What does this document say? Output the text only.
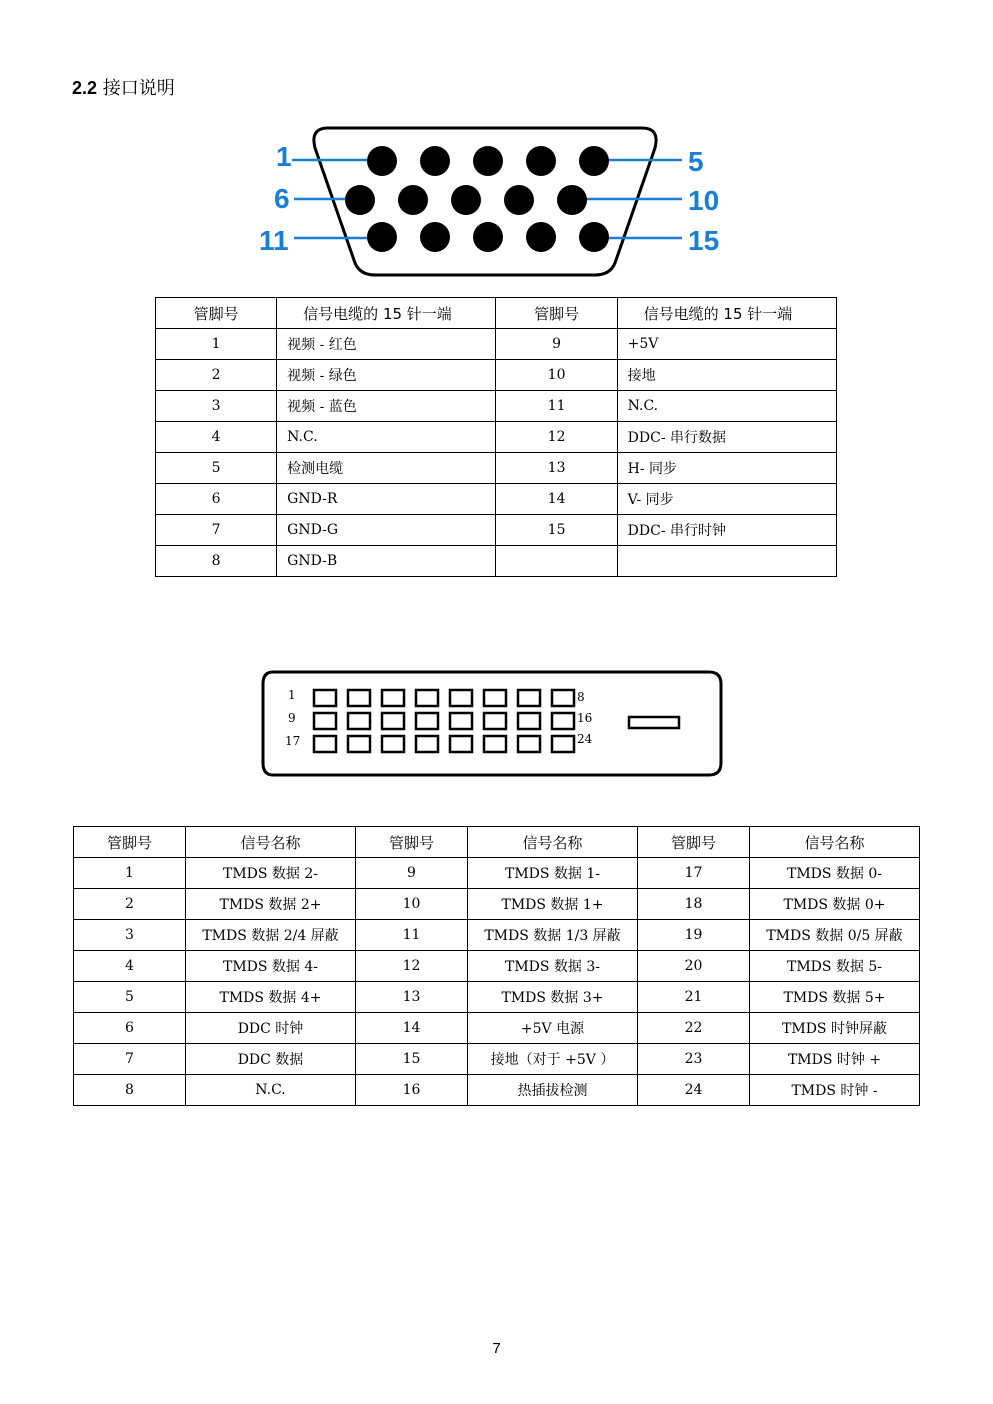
2.2 接口说明
1	5
6	10
11	15
管脚号	信号电缆的 15 针一端	管脚号	信号电缆的 15 针一端
1	视频 - 红色	9	+5V
2	视频 - 绿色	10	接地
3	视频 - 蓝色	11	N.C.
4	N.C.	12	DDC- 串行数据
5	检测电缆	13	H- 同步
6	GND-R	14	V- 同步
7	GND-G	15	DDC- 串行时钟
8	GND-B		
1	8
9	16
17	24
管脚号	信号名称	管脚号	信号名称	管脚号	信号名称
1	TMDS 数据 2-	9	TMDS 数据 1-	17	TMDS 数据 0-
2	TMDS 数据 2+	10	TMDS 数据 1+	18	TMDS 数据 0+
3	TMDS 数据 2/4 屏蔽	11	TMDS 数据 1/3 屏蔽	19	TMDS 数据 0/5 屏蔽
4	TMDS 数据 4-	12	TMDS 数据 3-	20	TMDS 数据 5-
5	TMDS 数据 4+	13	TMDS 数据 3+	21	TMDS 数据 5+
6	DDC 时钟	14	+5V 电源	22	TMDS 时钟屏蔽
7	DDC 数据	15	接地（对于 +5V ）	23	TMDS 时钟 +
8	N.C.	16	热插拔检测	24	TMDS 时钟 -
7
